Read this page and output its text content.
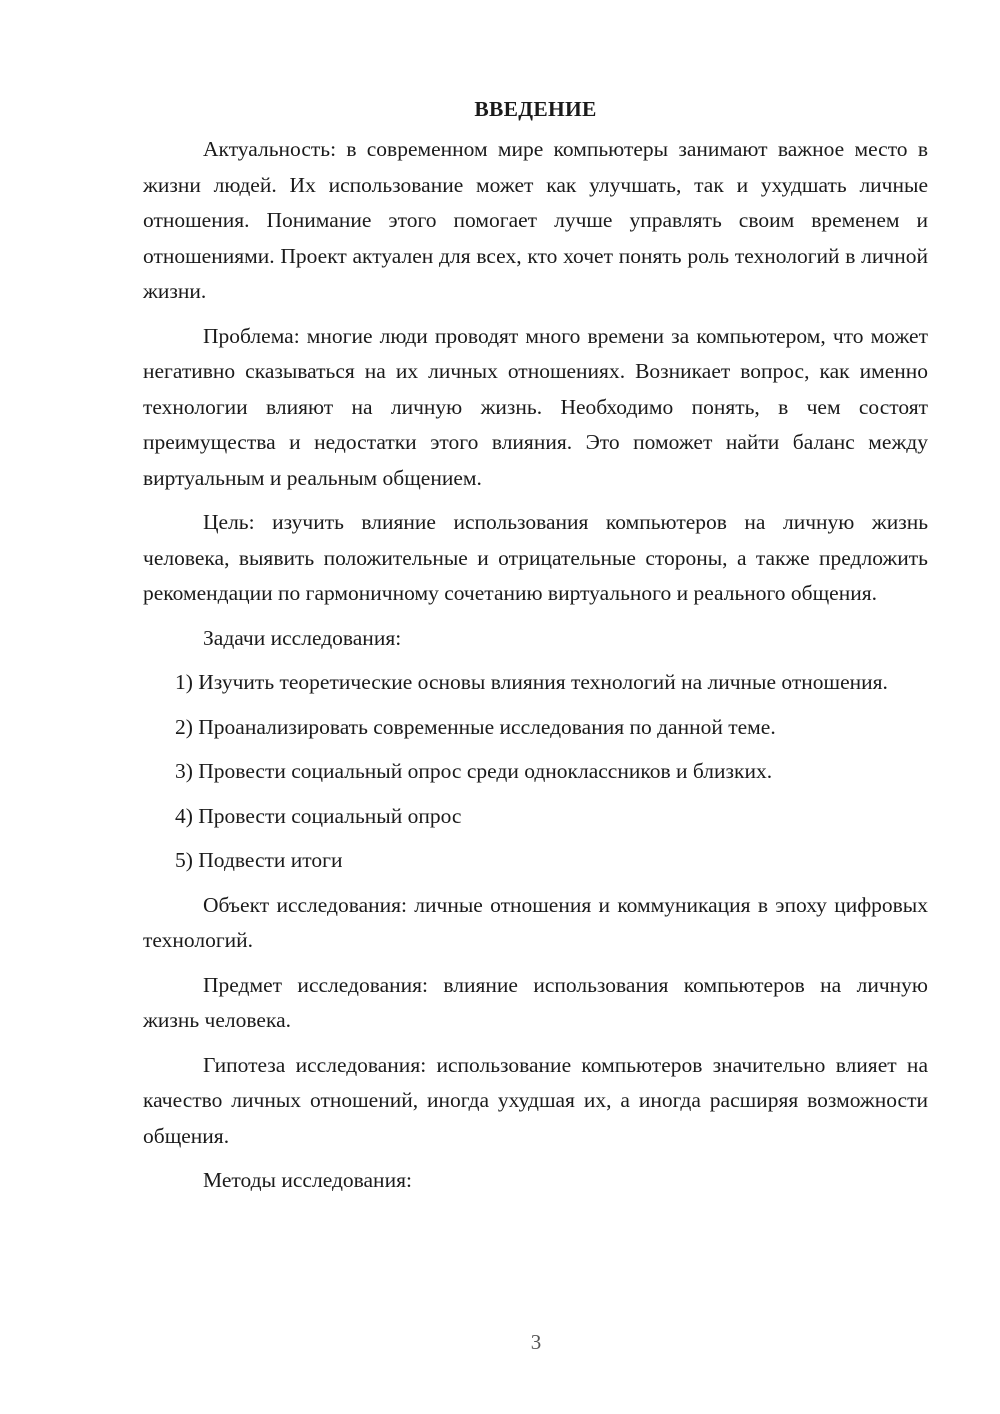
ВВЕДЕНИЕ

Актуальность: в современном мире компьютеры занимают важное место в жизни людей. Их использование может как улучшать, так и ухудшать личные отношения. Понимание этого помогает лучше управлять своим временем и отношениями. Проект актуален для всех, кто хочет понять роль технологий в личной жизни.

Проблема: многие люди проводят много времени за компьютером, что может негативно сказываться на их личных отношениях. Возникает вопрос, как именно технологии влияют на личную жизнь. Необходимо понять, в чем состоят преимущества и недостатки этого влияния. Это поможет найти баланс между виртуальным и реальным общением.

Цель: изучить влияние использования компьютеров на личную жизнь человека, выявить положительные и отрицательные стороны, а также предложить рекомендации по гармоничному сочетанию виртуального и реального общения.

Задачи исследования:

1) Изучить теоретические основы влияния технологий на личные отношения.

2) Проанализировать современные исследования по данной теме.

3) Провести социальный опрос среди одноклассников и близких.

4) Провести социальный опрос

5) Подвести итоги

Объект исследования: личные отношения и коммуникация в эпоху цифровых технологий.

Предмет исследования: влияние использования компьютеров на личную жизнь человека.

Гипотеза исследования: использование компьютеров значительно влияет на качество личных отношений, иногда ухудшая их, а иногда расширяя возможности общения.

Методы исследования:

3
